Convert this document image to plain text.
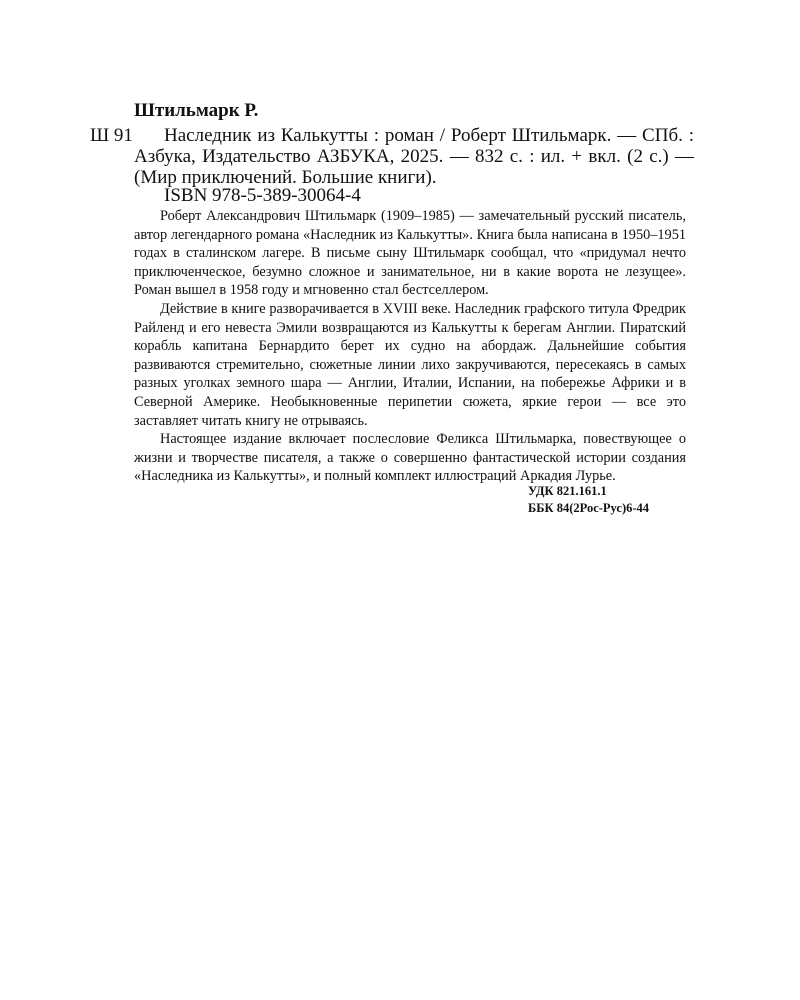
Штильмарк Р.
Ш 91	Наследник из Калькутты : роман / Роберт Штильмарк. — СПб. : Азбука, Издательство АЗБУКА, 2025. — 832 с. : ил. + вкл. (2 с.) — (Мир приключений. Большие книги).

ISBN 978-5-389-30064-4

Роберт Александрович Штильмарк (1909–1985) — замечательный русский писатель, автор легендарного романа «Наследник из Калькутты». Книга была написана в 1950–1951 годах в сталинском лагере. В письме сыну Штильмарк сообщал, что «придумал нечто приключенческое, безумно сложное и занимательное, ни в какие ворота не лезущее». Роман вышел в 1958 году и мгновенно стал бестселлером.

Действие в книге разворачивается в XVIII веке. Наследник графского титула Фредрик Райленд и его невеста Эмили возвращаются из Калькутты к берегам Англии. Пиратский корабль капитана Бернардито берет их судно на абордаж. Дальнейшие события развиваются стремительно, сюжетные линии лихо закручиваются, пересекаясь в самых разных уголках земного шара — Англии, Италии, Испании, на побережье Африки и в Северной Америке. Необыкновенные перипетии сюжета, яркие герои — все это заставляет читать книгу не отрываясь.

Настоящее издание включает послесловие Феликса Штильмарка, повествующее о жизни и творчестве писателя, а также о совершенно фантастической истории создания «Наследника из Калькутты», и полный комплект иллюстраций Аркадия Лурье.

УДК 821.161.1
ББК 84(2Рос-Рус)6-44
